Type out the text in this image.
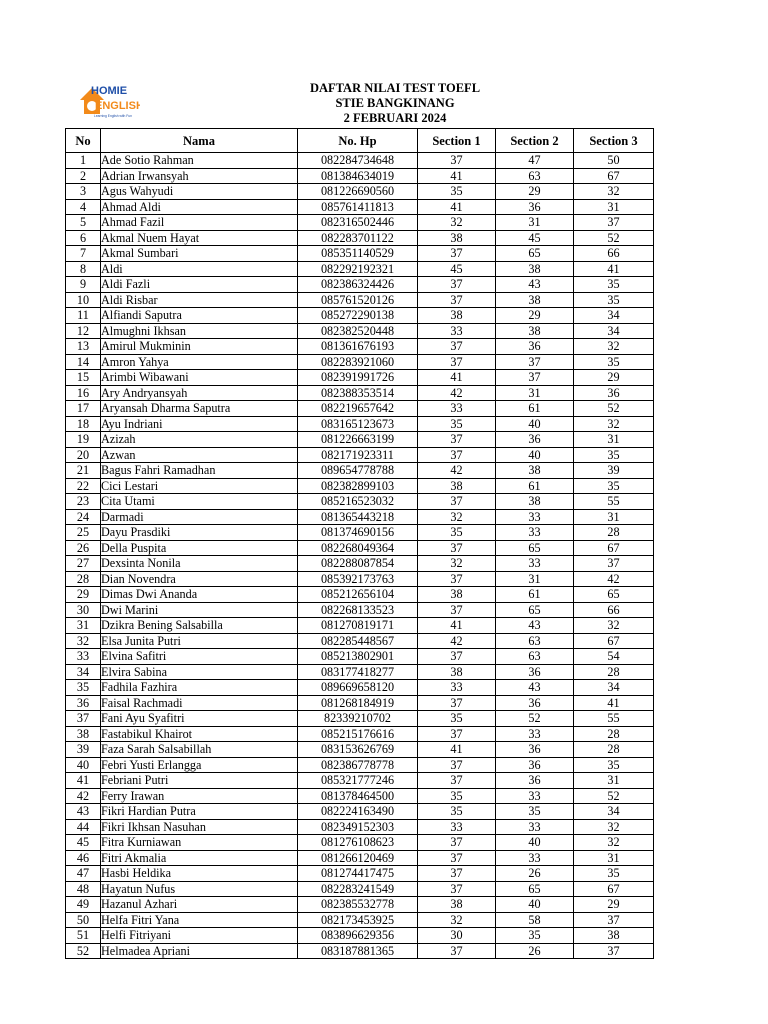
HOMIE
ENGLISH
Learning English with Fun
DAFTAR NILAI TEST TOEFL
STIE BANGKINANG
2 FEBRUARI 2024
No	Nama	No. Hp	Section 1	Section 2	Section 3
1	Ade Sotio Rahman	082284734648	37	47	50
2	Adrian Irwansyah	081384634019	41	63	67
3	Agus Wahyudi	081226690560	35	29	32
4	Ahmad Aldi	085761411813	41	36	31
5	Ahmad Fazil	082316502446	32	31	37
6	Akmal Nuem Hayat	082283701122	38	45	52
7	Akmal Sumbari	085351140529	37	65	66
8	Aldi	082292192321	45	38	41
9	Aldi Fazli	082386324426	37	43	35
10	Aldi Risbar	085761520126	37	38	35
11	Alfiandi Saputra	085272290138	38	29	34
12	Almughni Ikhsan	082382520448	33	38	34
13	Amirul Mukminin	081361676193	37	36	32
14	Amron Yahya	082283921060	37	37	35
15	Arimbi Wibawani	082391991726	41	37	29
16	Ary Andryansyah	082388353514	42	31	36
17	Aryansah Dharma Saputra	082219657642	33	61	52
18	Ayu Indriani	083165123673	35	40	32
19	Azizah	081226663199	37	36	31
20	Azwan	082171923311	37	40	35
21	Bagus Fahri Ramadhan	089654778788	42	38	39
22	Cici Lestari	082382899103	38	61	35
23	Cita Utami	085216523032	37	38	55
24	Darmadi	081365443218	32	33	31
25	Dayu Prasdiki	081374690156	35	33	28
26	Della Puspita	082268049364	37	65	67
27	Dexsinta Nonila	082288087854	32	33	37
28	Dian Novendra	085392173763	37	31	42
29	Dimas Dwi Ananda	085212656104	38	61	65
30	Dwi Marini	082268133523	37	65	66
31	Dzikra Bening Salsabilla	081270819171	41	43	32
32	Elsa Junita Putri	082285448567	42	63	67
33	Elvina Safitri	085213802901	37	63	54
34	Elvira Sabina	083177418277	38	36	28
35	Fadhila Fazhira	089669658120	33	43	34
36	Faisal Rachmadi	081268184919	37	36	41
37	Fani Ayu Syafitri	82339210702	35	52	55
38	Fastabikul Khairot	085215176616	37	33	28
39	Faza Sarah Salsabillah	083153626769	41	36	28
40	Febri Yusti Erlangga	082386778778	37	36	35
41	Febriani Putri	085321777246	37	36	31
42	Ferry Irawan	081378464500	35	33	52
43	Fikri Hardian Putra	082224163490	35	35	34
44	Fikri Ikhsan Nasuhan	082349152303	33	33	32
45	Fitra Kurniawan	081276108623	37	40	32
46	Fitri Akmalia	081266120469	37	33	31
47	Hasbi Heldika	081274417475	37	26	35
48	Hayatun Nufus	082283241549	37	65	67
49	Hazanul Azhari	082385532778	38	40	29
50	Helfa Fitri Yana	082173453925	32	58	37
51	Helfi Fitriyani	083896629356	30	35	38
52	Helmadea Apriani	083187881365	37	26	37
